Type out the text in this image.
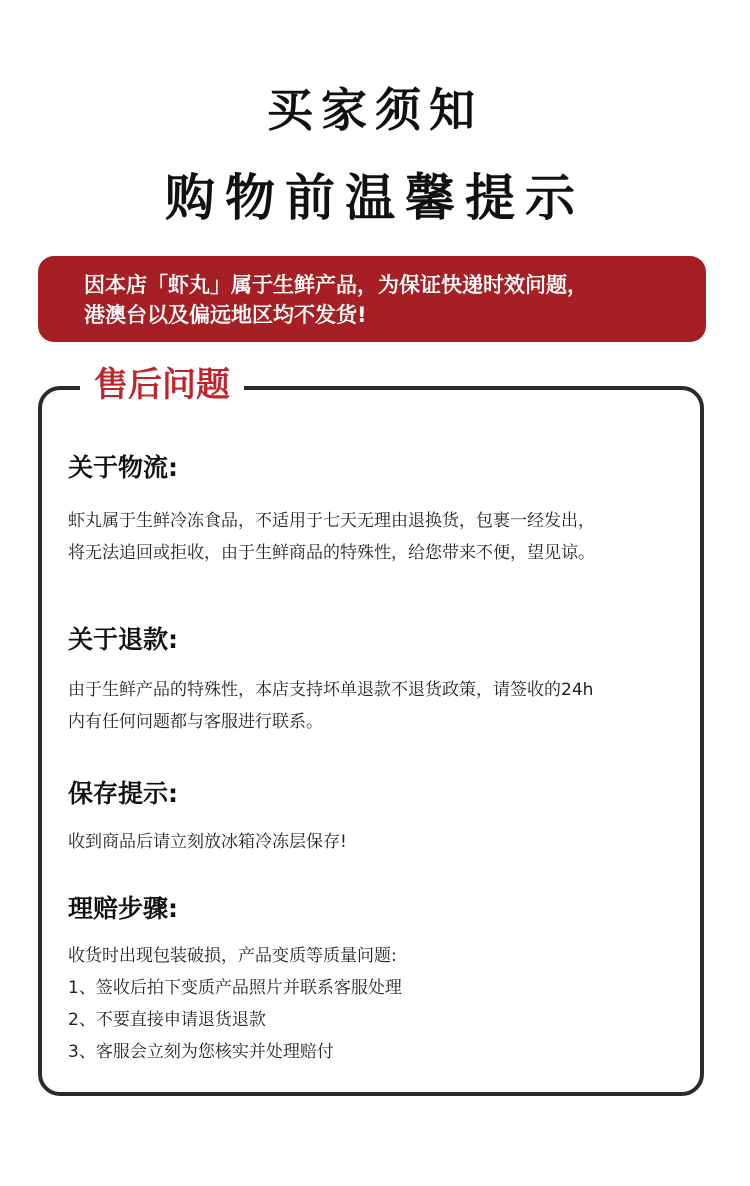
买家须知
购物前温馨提示

因本店「虾丸」属于生鲜产品，为保证快递时效问题，

港澳台以及偏远地区均不发货!

售后问题
关于物流:

虾丸属于生鲜冷冻食品，不适用于七天无理由退换货，包裹一经发出，

将无法追回或拒收，由于生鲜商品的特殊性，给您带来不便，望见谅。

关于退款:

由于生鲜产品的特殊性，本店支持坏单退款不退货政策，请签收的24h

内有任何问题都与客服进行联系。

保存提示:

收到商品后请立刻放冰箱冷冻层保存!

理赔步骤:

收货时出现包装破损，产品变质等质量问题:

1、签收后拍下变质产品照片并联系客服处理

2、不要直接申请退货退款

3、客服会立刻为您核实并处理赔付
